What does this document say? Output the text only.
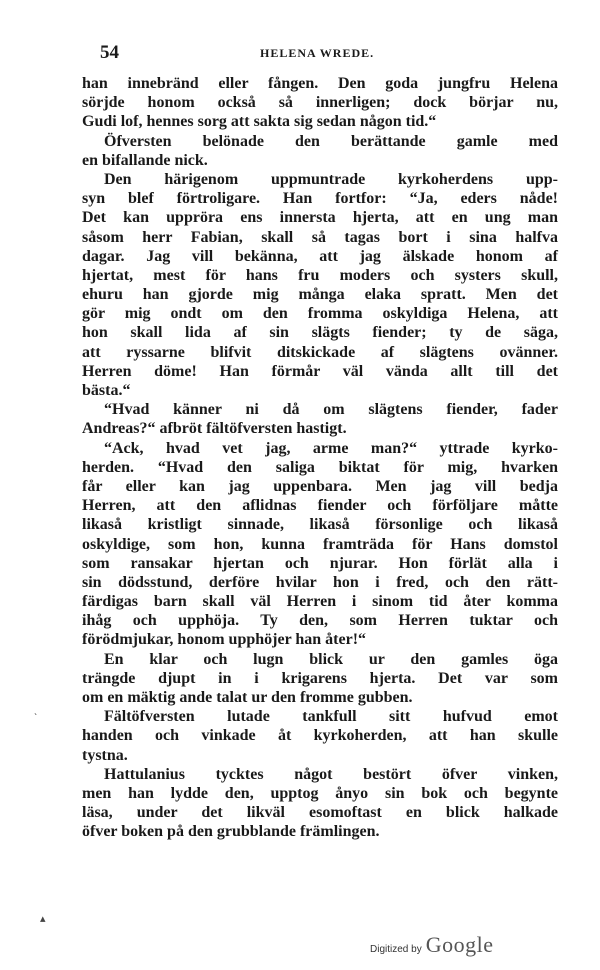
54	HELENA WREDE.
han innebränd eller fången. Den goda jungfru Helena
sörjde honom också så innerligen; dock börjar nu,
Gudi lof, hennes sorg att sakta sig sedan någon tid.“
Öfversten belönade den berättande gamle med
en bifallande nick.
Den härigenom uppmuntrade kyrkoherdens upp-
syn blef förtroligare. Han fortfor: “Ja, eders nåde!
Det kan uppröra ens innersta hjerta, att en ung man
såsom herr Fabian, skall så tagas bort i sina halfva
dagar. Jag vill bekänna, att jag älskade honom af
hjertat, mest för hans fru moders och systers skull,
ehuru han gjorde mig många elaka spratt. Men det
gör mig ondt om den fromma oskyldiga Helena, att
hon skall lida af sin slägts fiender; ty de säga,
att ryssarne blifvit ditskickade af slägtens ovänner.
Herren döme! Han förmår väl vända allt till det
bästa.“
“Hvad känner ni då om slägtens fiender, fader
Andreas?“ afbröt fältöfversten hastigt.
“Ack, hvad vet jag, arme man?“ yttrade kyrko-
herden. “Hvad den saliga biktat för mig, hvarken
får eller kan jag uppenbara. Men jag vill bedja
Herren, att den aflidnas fiender och förföljare måtte
likaså kristligt sinnade, likaså försonlige och likaså
oskyldige, som hon, kunna framträda för Hans domstol
som ransakar hjertan och njurar. Hon förlät alla i
sin dödsstund, derföre hvilar hon i fred, och den rätt-
färdigas barn skall väl Herren i sinom tid åter komma
ihåg och upphöja. Ty den, som Herren tuktar och
förödmjukar, honom upphöjer han åter!“
En klar och lugn blick ur den gamles öga
trängde djupt in i krigarens hjerta. Det var som
om en mäktig ande talat ur den fromme gubben.
Fältöfversten lutade tankfull sitt hufvud emot
handen och vinkade åt kyrkoherden, att han skulle
tystna.
Hattulanius tycktes något bestört öfver vinken,
men han lydde den, upptog ånyo sin bok och begynte
läsa, under det likväl esomoftast en blick halkade
öfver boken på den grubblande främlingen.
ˎ
▴
Digitized by Google
